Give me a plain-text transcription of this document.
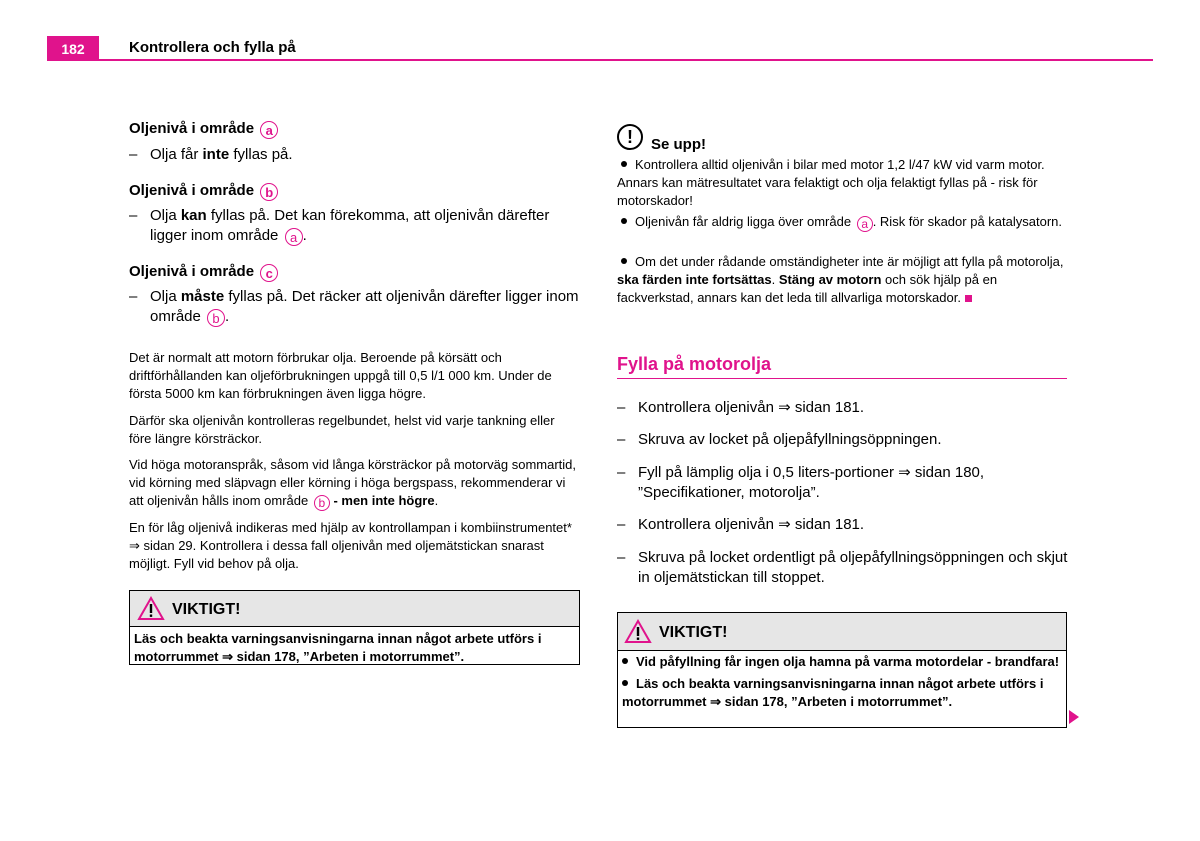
182	Kontrollera och fylla på
Oljenivå i område a
– Olja får inte fyllas på.
Oljenivå i område b
– Olja kan fyllas på. Det kan förekomma, att oljenivån därefter ligger inom område a .
Oljenivå i område c
– Olja måste fyllas på. Det räcker att oljenivån därefter ligger inom område b .
Det är normalt att motorn förbrukar olja. Beroende på körsätt och driftförhållanden kan oljeförbrukningen uppgå till 0,5 l/1 000 km. Under de första 5000 km kan förbrukningen även ligga högre.
Därför ska oljenivån kontrolleras regelbundet, helst vid varje tankning eller före längre körsträckor.
Vid höga motoranspråk, såsom vid långa körsträckor på motorväg sommartid, vid körning med släpvagn eller körning i höga bergspass, rekommenderar vi att oljenivån hålls inom område b - men inte högre.
En för låg oljenivå indikeras med hjälp av kontrollampan i kombiinstrumentet* ⇒ sidan 29. Kontrollera i dessa fall oljenivån med oljemätstickan snarast möjligt. Fyll vid behov på olja.
VIKTIGT!
Läs och beakta varningsanvisningarna innan något arbete utförs i motorrummet ⇒ sidan 178, ”Arbeten i motorrummet”.
!	Se upp!
Kontrollera alltid oljenivån i bilar med motor 1,2 l/47 kW vid varm motor. Annars kan mätresultatet vara felaktigt och olja felaktigt fyllas på - risk för motorskador!
Oljenivån får aldrig ligga över område a . Risk för skador på katalysatorn.
Om det under rådande omständigheter inte är möjligt att fylla på motorolja, ska färden inte fortsättas. Stäng av motorn och sök hjälp på en fackverkstad, annars kan det leda till allvarliga motorskador.
Fylla på motorolja
– Kontrollera oljenivån ⇒ sidan 181.
– Skruva av locket på oljepåfyllningsöppningen.
– Fyll på lämplig olja i 0,5 liters-portioner ⇒ sidan 180, ”Specifikationer, motorolja”.
– Kontrollera oljenivån ⇒ sidan 181.
– Skruva på locket ordentligt på oljepåfyllningsöppningen och skjut in oljemätstickan till stoppet.
VIKTIGT!
Vid påfyllning får ingen olja hamna på varma motordelar - brandfara!
Läs och beakta varningsanvisningarna innan något arbete utförs i motorrummet ⇒ sidan 178, ”Arbeten i motorrummet”.
